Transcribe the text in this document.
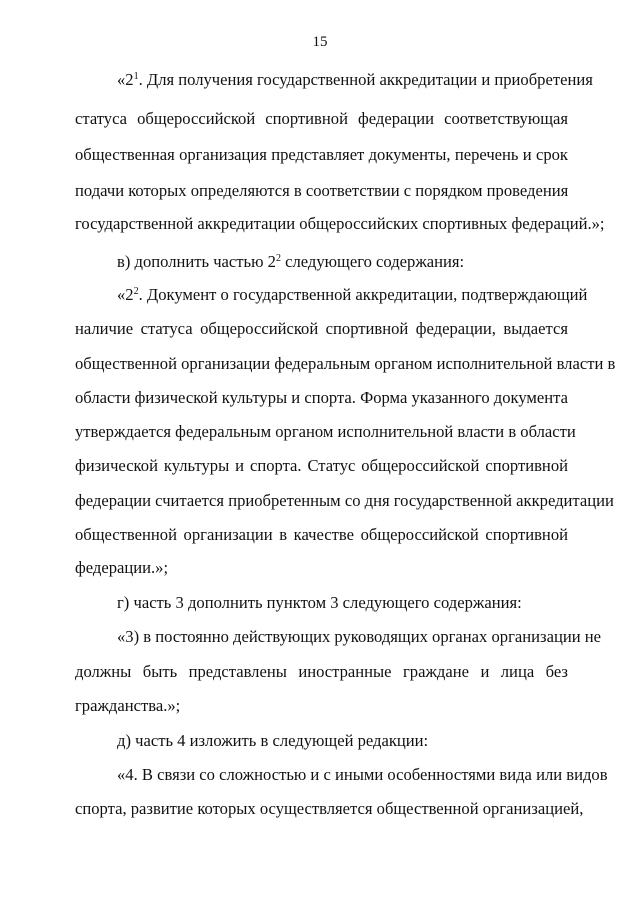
15
«$2^1$. Для получения государственной аккредитации и приобретения
статуса общероссийской спортивной федерации соответствующая
общественная организация представляет документы, перечень и срок
подачи которых определяются в соответствии с порядком проведения
государственной аккредитации общероссийских спортивных федераций.»;
в) дополнить частью $2^2$ следующего содержания:
«$2^2$. Документ о государственной аккредитации, подтверждающий
наличие статуса общероссийской спортивной федерации, выдается
общественной организации федеральным органом исполнительной власти в
области физической культуры и спорта. Форма указанного документа
утверждается федеральным органом исполнительной власти в области
физической культуры и спорта. Статус общероссийской спортивной
федерации считается приобретенным со дня государственной аккредитации
общественной организации в качестве общероссийской спортивной
федерации.»;
г) часть 3 дополнить пунктом 3 следующего содержания:
«3) в постоянно действующих руководящих органах организации не
должны быть представлены иностранные граждане и лица без
гражданства.»;
д) часть 4 изложить в следующей редакции:
«4. В связи со сложностью и с иными особенностями вида или видов
спорта, развитие которых осуществляется общественной организацией,
